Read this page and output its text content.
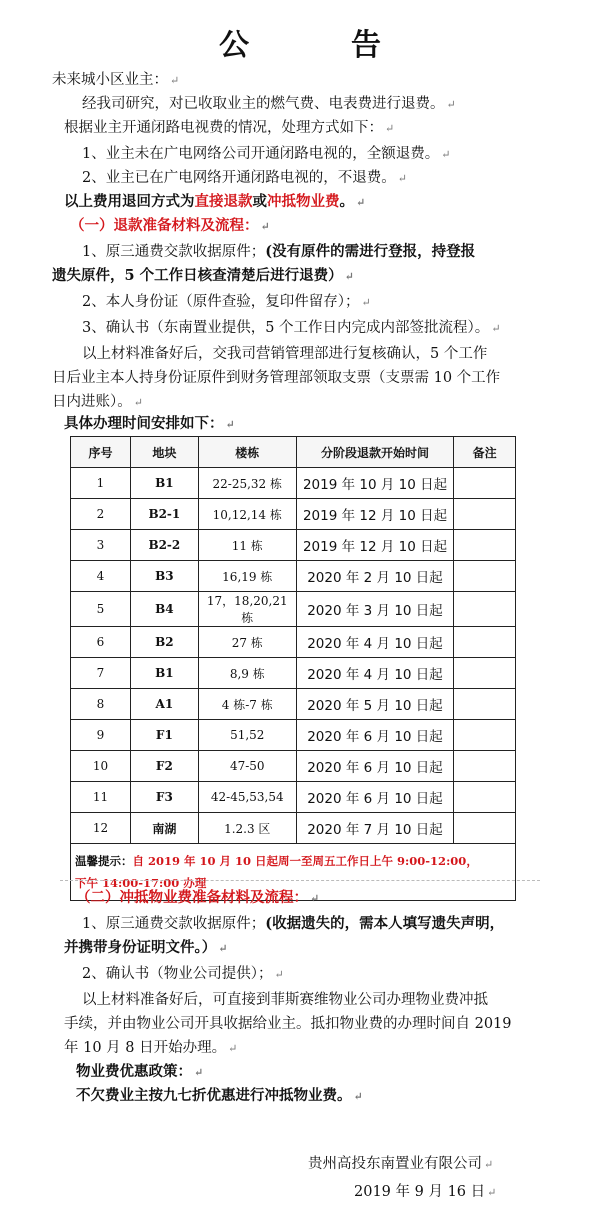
公　告
未来城小区业主： ↵
经我司研究，对已收取业主的燃气费、电表费进行退费。 ↵
根据业主开通闭路电视费的情况，处理方式如下： ↵
1、业主未在广电网络公司开通闭路电视的，全额退费。 ↵
2、业主已在广电网络开通闭路电视的，不退费。 ↵
以上费用退回方式为直接退款或冲抵物业费。 ↵
（一）退款准备材料及流程： ↵
1、原三通费交款收据原件；(没有原件的需进行登报，持登报
遗失原件，5 个工作日核查清楚后进行退费） ↵
2、本人身份证（原件查验，复印件留存）； ↵
3、确认书（东南置业提供，5 个工作日内完成内部签批流程）。 ↵
以上材料准备好后，交我司营销管理部进行复核确认，5 个工作
日后业主本人持身份证原件到财务管理部领取支票（支票需 10 个工作
日内进账）。 ↵
具体办理时间安排如下： ↵
序号	地块	楼栋	分阶段退款开始时间	备注
1	B1	22-25,32 栋	2019 年 10 月 10 日起	
2	B2-1	10,12,14 栋	2019 年 12 月 10 日起	
3	B2-2	11 栋	2019 年 12 月 10 日起	
4	B3	16,19 栋	2020 年 2 月 10 日起	
5	B4	17，18,20,21 栋	2020 年 3 月 10 日起	
6	B2	27 栋	2020 年 4 月 10 日起	
7	B1	8,9 栋	2020 年 4 月 10 日起	
8	A1	4 栋-7 栋	2020 年 5 月 10 日起	
9	F1	51,52	2020 年 6 月 10 日起	
10	F2	47-50	2020 年 6 月 10 日起	
11	F3	42-45,53,54	2020 年 6 月 10 日起	
12	南湖	1.2.3 区	2020 年 7 月 10 日起	
温馨提示：自 2019 年 10 月 10 日起周一至周五工作日上午 9:00-12:00，
下午 14:00-17:00 办理				
（二）冲抵物业费准备材料及流程： ↵
1、原三通费交款收据原件；(收据遗失的，需本人填写遗失声明，
并携带身份证明文件。） ↵
2、确认书（物业公司提供）； ↵
以上材料准备好后，可直接到菲斯赛维物业公司办理物业费冲抵
手续，并由物业公司开具收据给业主。抵扣物业费的办理时间自 2019
年 10 月 8 日开始办理。 ↵
物业费优惠政策： ↵
不欠费业主按九七折优惠进行冲抵物业费。 ↵
贵州高投东南置业有限公司 ↵
2019 年 9 月 16 日 ↵
